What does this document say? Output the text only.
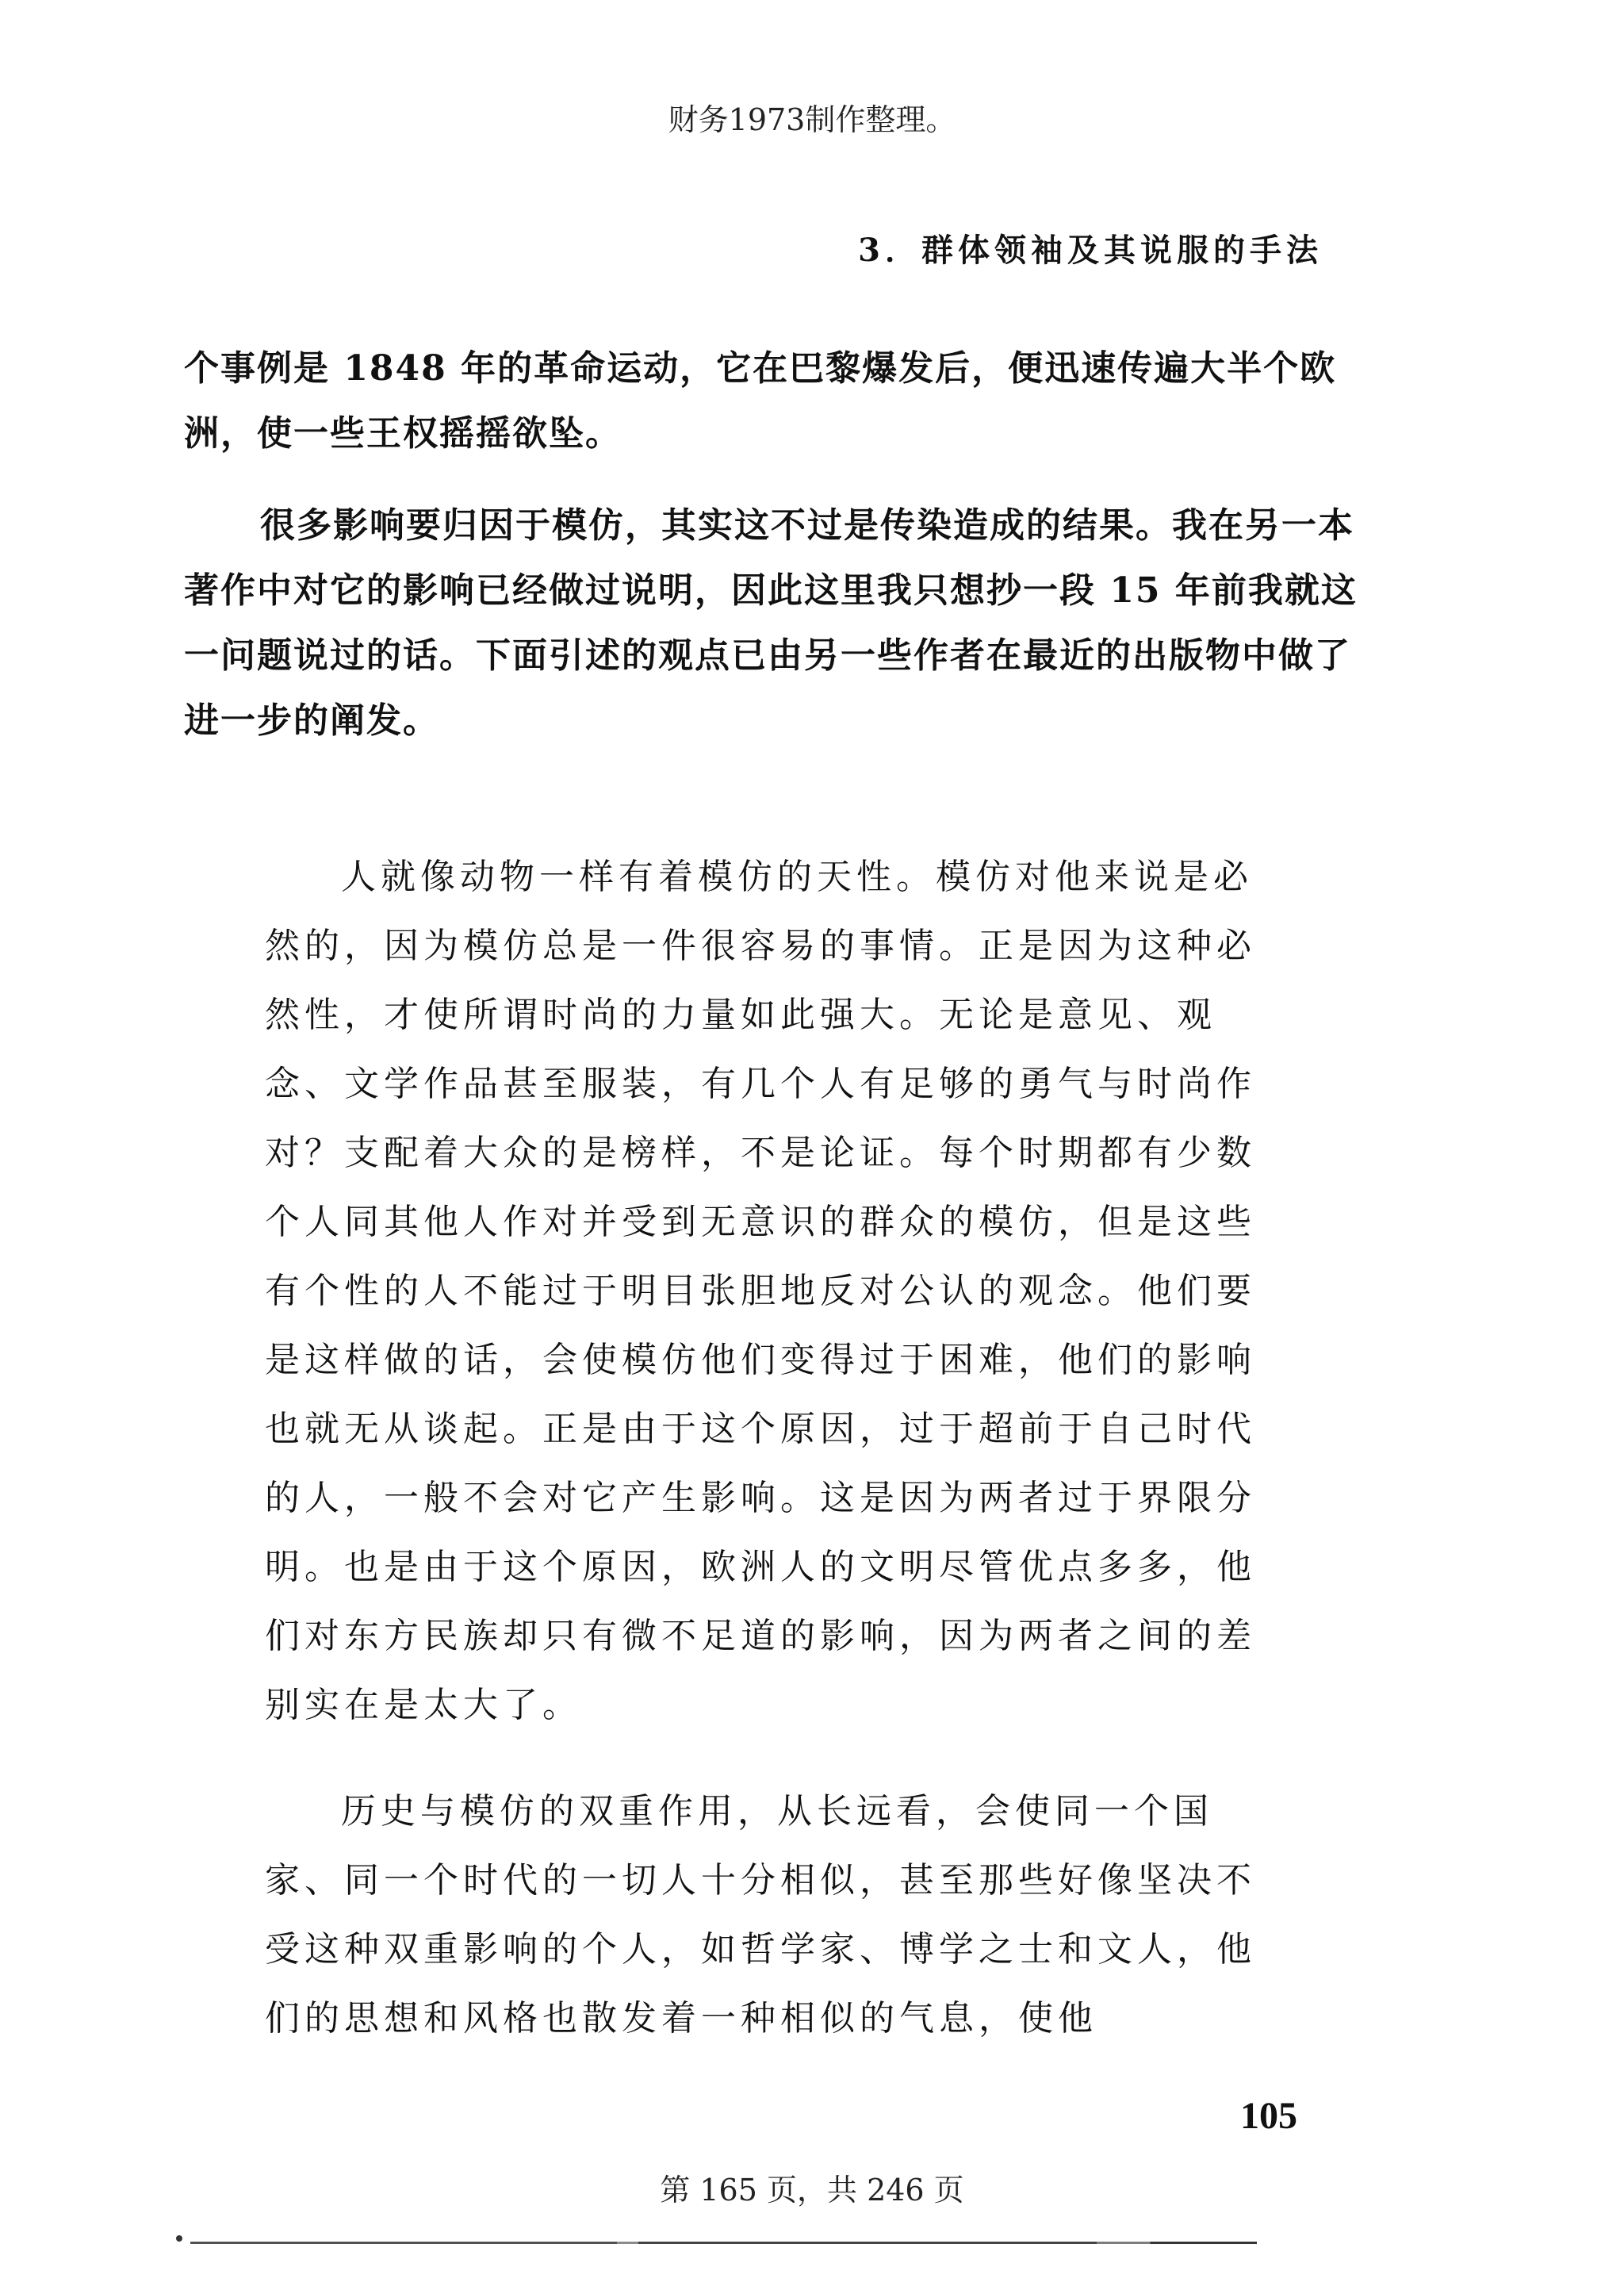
财务1973制作整理。
3．群体领袖及其说服的手法
个事例是 1848 年的革命运动，它在巴黎爆发后，便迅速传遍大半个欧洲，使一些王权摇摇欲坠。
很多影响要归因于模仿，其实这不过是传染造成的结果。我在另一本著作中对它的影响已经做过说明，因此这里我只想抄一段 15 年前我就这一问题说过的话。下面引述的观点已由另一些作者在最近的出版物中做了进一步的阐发。
人就像动物一样有着模仿的天性。模仿对他来说是必然的，因为模仿总是一件很容易的事情。正是因为这种必然性，才使所谓时尚的力量如此强大。无论是意见、观念、文学作品甚至服装，有几个人有足够的勇气与时尚作对？支配着大众的是榜样，不是论证。每个时期都有少数个人同其他人作对并受到无意识的群众的模仿，但是这些有个性的人不能过于明目张胆地反对公认的观念。他们要是这样做的话，会使模仿他们变得过于困难，他们的影响也就无从谈起。正是由于这个原因，过于超前于自己时代的人，一般不会对它产生影响。这是因为两者过于界限分明。也是由于这个原因，欧洲人的文明尽管优点多多，他们对东方民族却只有微不足道的影响，因为两者之间的差别实在是太大了。
历史与模仿的双重作用，从长远看，会使同一个国家、同一个时代的一切人十分相似，甚至那些好像坚决不受这种双重影响的个人，如哲学家、博学之士和文人，他们的思想和风格也散发着一种相似的气息，使他
105
第 165 页，共 246 页
